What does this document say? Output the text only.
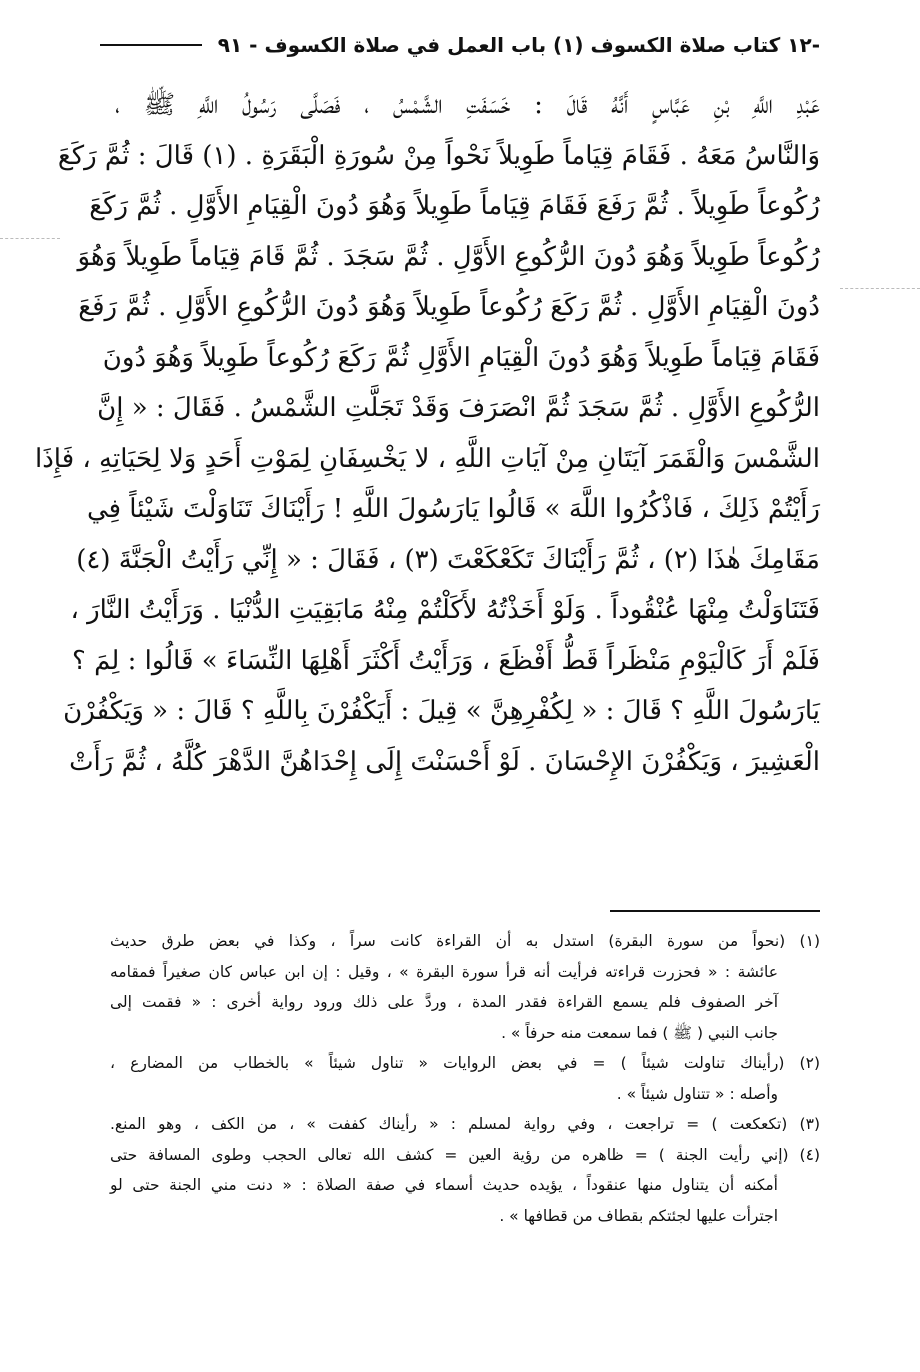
-١٢ كتاب صلاة الكسوف (١) باب العمل في صلاة الكسوف - ٩١
عَبْدِ اللَّهِ بْنِ عَبَّاسٍ أَنَّهُ قَالَ : خَسَفَتِ الشَّمْسُ ، فَصَلَّى رَسُولُ اللَّهِ ﷺ ،
وَالنَّاسُ مَعَهُ . فَقَامَ قِيَاماً طَوِيلاً نَحْواً مِنْ سُورَةِ الْبَقَرَةِ . (١) قَالَ : ثُمَّ رَكَعَ
رُكُوعاً طَوِيلاً . ثُمَّ رَفَعَ فَقَامَ قِيَاماً طَوِيلاً وَهُوَ دُونَ الْقِيَامِ الأَوَّلِ . ثُمَّ رَكَعَ
رُكُوعاً طَوِيلاً وَهُوَ دُونَ الرُّكُوعِ الأَوَّلِ . ثُمَّ سَجَدَ . ثُمَّ قَامَ قِيَاماً طَوِيلاً وَهُوَ
دُونَ الْقِيَامِ الأَوَّلِ . ثُمَّ رَكَعَ رُكُوعاً طَوِيلاً وَهُوَ دُونَ الرُّكُوعِ الأَوَّلِ . ثُمَّ رَفَعَ
فَقَامَ قِيَاماً طَوِيلاً وَهُوَ دُونَ الْقِيَامِ الأَوَّلِ ثُمَّ رَكَعَ رُكُوعاً طَوِيلاً وَهُوَ دُونَ
الرُّكُوعِ الأَوَّلِ . ثُمَّ سَجَدَ ثُمَّ انْصَرَفَ وَقَدْ تَجَلَّتِ الشَّمْسُ . فَقَالَ : « إِنَّ
الشَّمْسَ وَالْقَمَرَ آيَتَانِ مِنْ آيَاتِ اللَّهِ ، لا يَخْسِفَانِ لِمَوْتِ أَحَدٍ وَلا لِحَيَاتِهِ ، فَإِذَا
رَأَيْتُمْ ذَلِكَ ، فَاذْكُرُوا اللَّهَ » قَالُوا يَارَسُولَ اللَّهِ ! رَأَيْنَاكَ تَنَاوَلْتَ شَيْئاً فِي
مَقَامِكَ هٰذَا (٢) ، ثُمَّ رَأَيْنَاكَ تَكَعْكَعْتَ (٣) ، فَقَالَ : « إِنِّي رَأَيْتُ الْجَنَّةَ (٤)
فَتَنَاوَلْتُ مِنْهَا عُنْقُوداً . وَلَوْ أَخَذْتُهُ لأَكَلْتُمْ مِنْهُ مَابَقِيَتِ الدُّنْيَا . وَرَأَيْتُ النَّارَ ،
فَلَمْ أَرَ كَالْيَوْمِ مَنْظَراً قَطُّ أَفْظَعَ ، وَرَأَيْتُ أَكْثَرَ أَهْلِهَا النِّسَاءَ » قَالُوا : لِمَ ؟
يَارَسُولَ اللَّهِ ؟ قَالَ : « لِكُفْرِهِنَّ » قِيلَ : أَيَكْفُرْنَ بِاللَّهِ ؟ قَالَ : « وَيَكْفُرْنَ
الْعَشِيرَ ، وَيَكْفُرْنَ الإِحْسَانَ . لَوْ أَحْسَنْتَ إِلَى إِحْدَاهُنَّ الدَّهْرَ كُلَّهُ ، ثُمَّ رَأَتْ
(١) (نحواً من سورة البقرة) استدل به أن القراءة كانت سراً ، وكذا في بعض طرق حديث
عائشة : « فحزرت قراءته فرأيت أنه قرأ سورة البقرة » ، وقيل : إن ابن عباس كان صغيراً فمقامه
آخر الصفوف فلم يسمع القراءة فقدر المدة ، وردَّ على ذلك ورود رواية أخرى : « فقمت إلى
جانب النبي ( ﷺ ) فما سمعت منه حرفاً » .
(٢) (رأيناك تناولت شيئاً ) = في بعض الروايات « تناول شيئاً » بالخطاب من المضارع ،
وأصله : « تتناول شيئاً » .
(٣) (تكعكعت ) = تراجعت ، وفي رواية لمسلم : « رأيناك كففت » ، من الكف ، وهو المنع.
(٤) (إني رأيت الجنة ) = ظاهره من رؤية العين = كشف الله تعالى الحجب وطوى المسافة حتى
أمكنه أن يتناول منها عنقوداً ، يؤيده حديث أسماء في صفة الصلاة : « دنت مني الجنة حتى لو
اجترأت عليها لجئتكم بقطاف من قطافها » .
